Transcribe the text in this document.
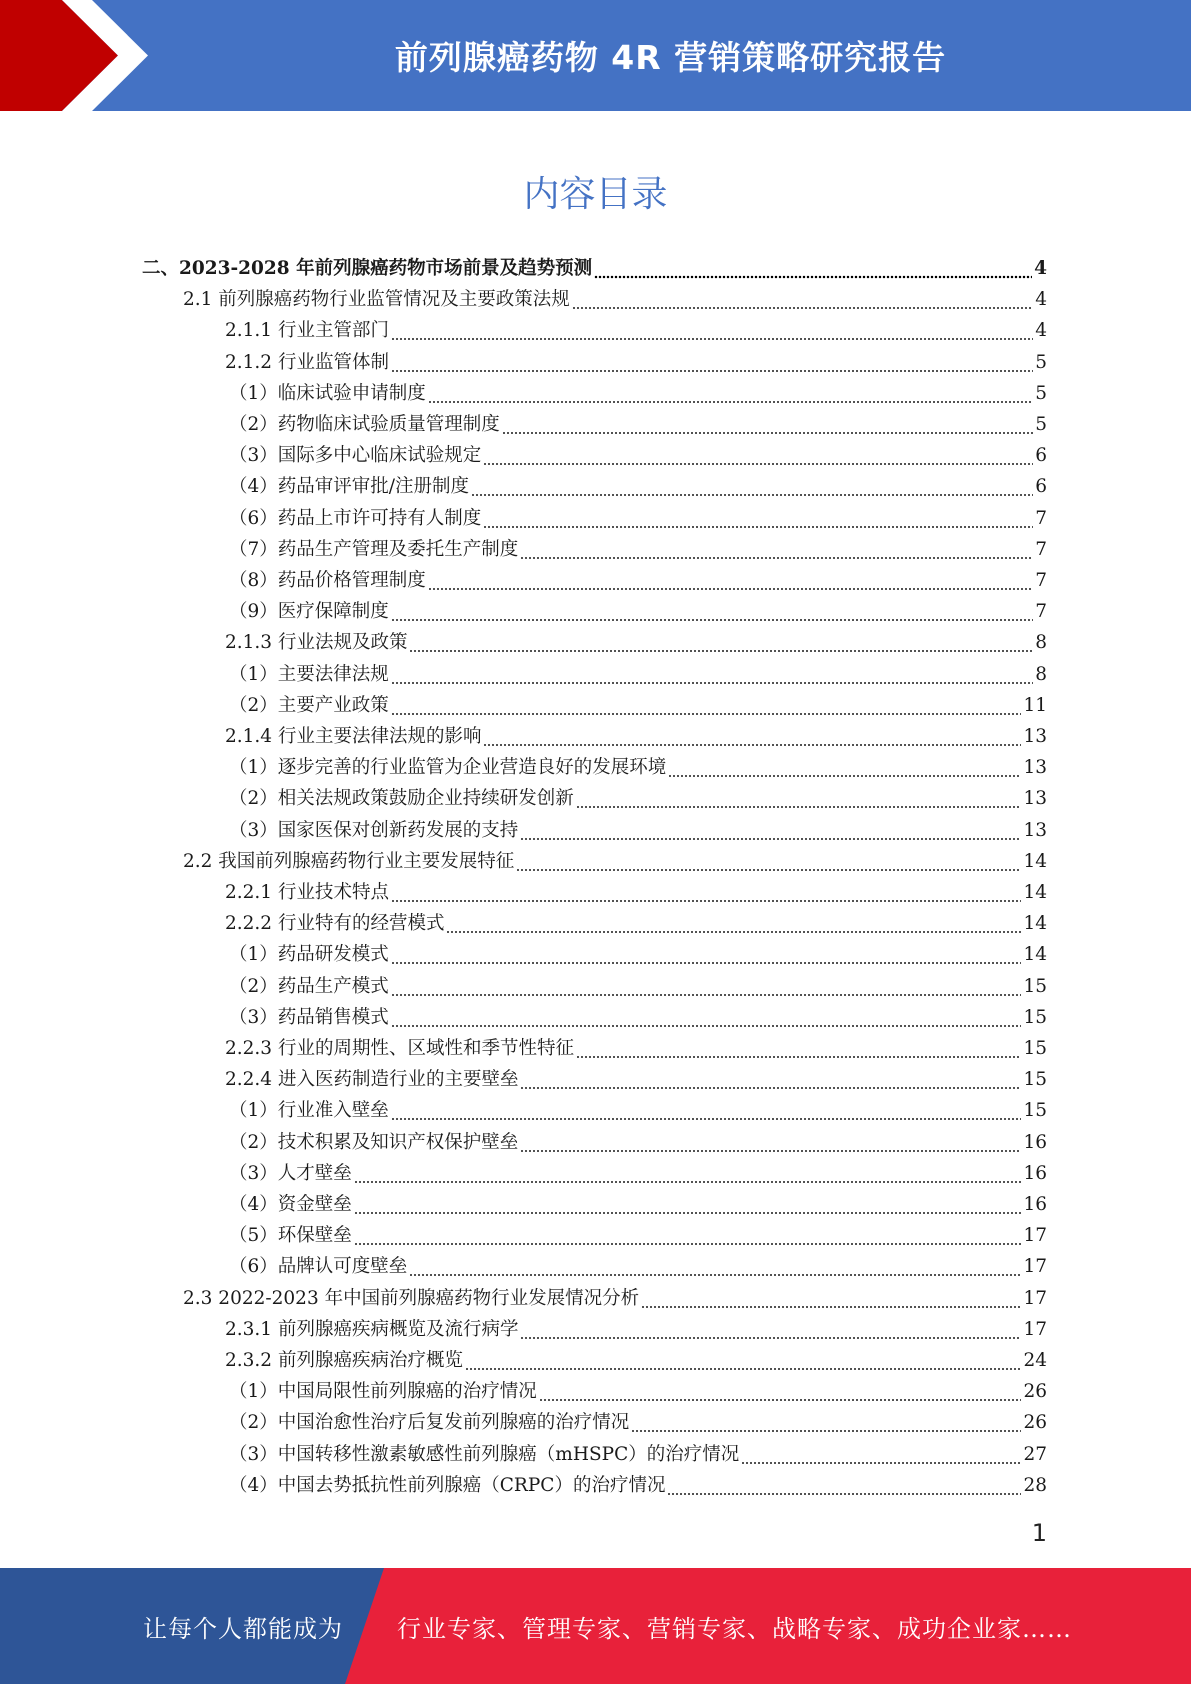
前列腺癌药物 4R 营销策略研究报告
内容目录
二、2023-2028 年前列腺癌药物市场前景及趋势预测	4
2.1 前列腺癌药物行业监管情况及主要政策法规	4
2.1.1 行业主管部门	4
2.1.2 行业监管体制	5
（1）临床试验申请制度	5
（2）药物临床试验质量管理制度	5
（3）国际多中心临床试验规定	6
（4）药品审评审批/注册制度	6
（6）药品上市许可持有人制度	7
（7）药品生产管理及委托生产制度	7
（8）药品价格管理制度	7
（9）医疗保障制度	7
2.1.3 行业法规及政策	8
（1）主要法律法规	8
（2）主要产业政策	11
2.1.4 行业主要法律法规的影响	13
（1）逐步完善的行业监管为企业营造良好的发展环境	13
（2）相关法规政策鼓励企业持续研发创新	13
（3）国家医保对创新药发展的支持	13
2.2 我国前列腺癌药物行业主要发展特征	14
2.2.1 行业技术特点	14
2.2.2 行业特有的经营模式	14
（1）药品研发模式	14
（2）药品生产模式	15
（3）药品销售模式	15
2.2.3 行业的周期性、区域性和季节性特征	15
2.2.4 进入医药制造行业的主要壁垒	15
（1）行业准入壁垒	15
（2）技术积累及知识产权保护壁垒	16
（3）人才壁垒	16
（4）资金壁垒	16
（5）环保壁垒	17
（6）品牌认可度壁垒	17
2.3 2022-2023 年中国前列腺癌药物行业发展情况分析	17
2.3.1 前列腺癌疾病概览及流行病学	17
2.3.2 前列腺癌疾病治疗概览	24
（1）中国局限性前列腺癌的治疗情况	26
（2）中国治愈性治疗后复发前列腺癌的治疗情况	26
（3）中国转移性激素敏感性前列腺癌（mHSPC）的治疗情况	27
（4）中国去势抵抗性前列腺癌（CRPC）的治疗情况	28
1
让每个人都能成为 行业专家、管理专家、营销专家、战略专家、成功企业家……
